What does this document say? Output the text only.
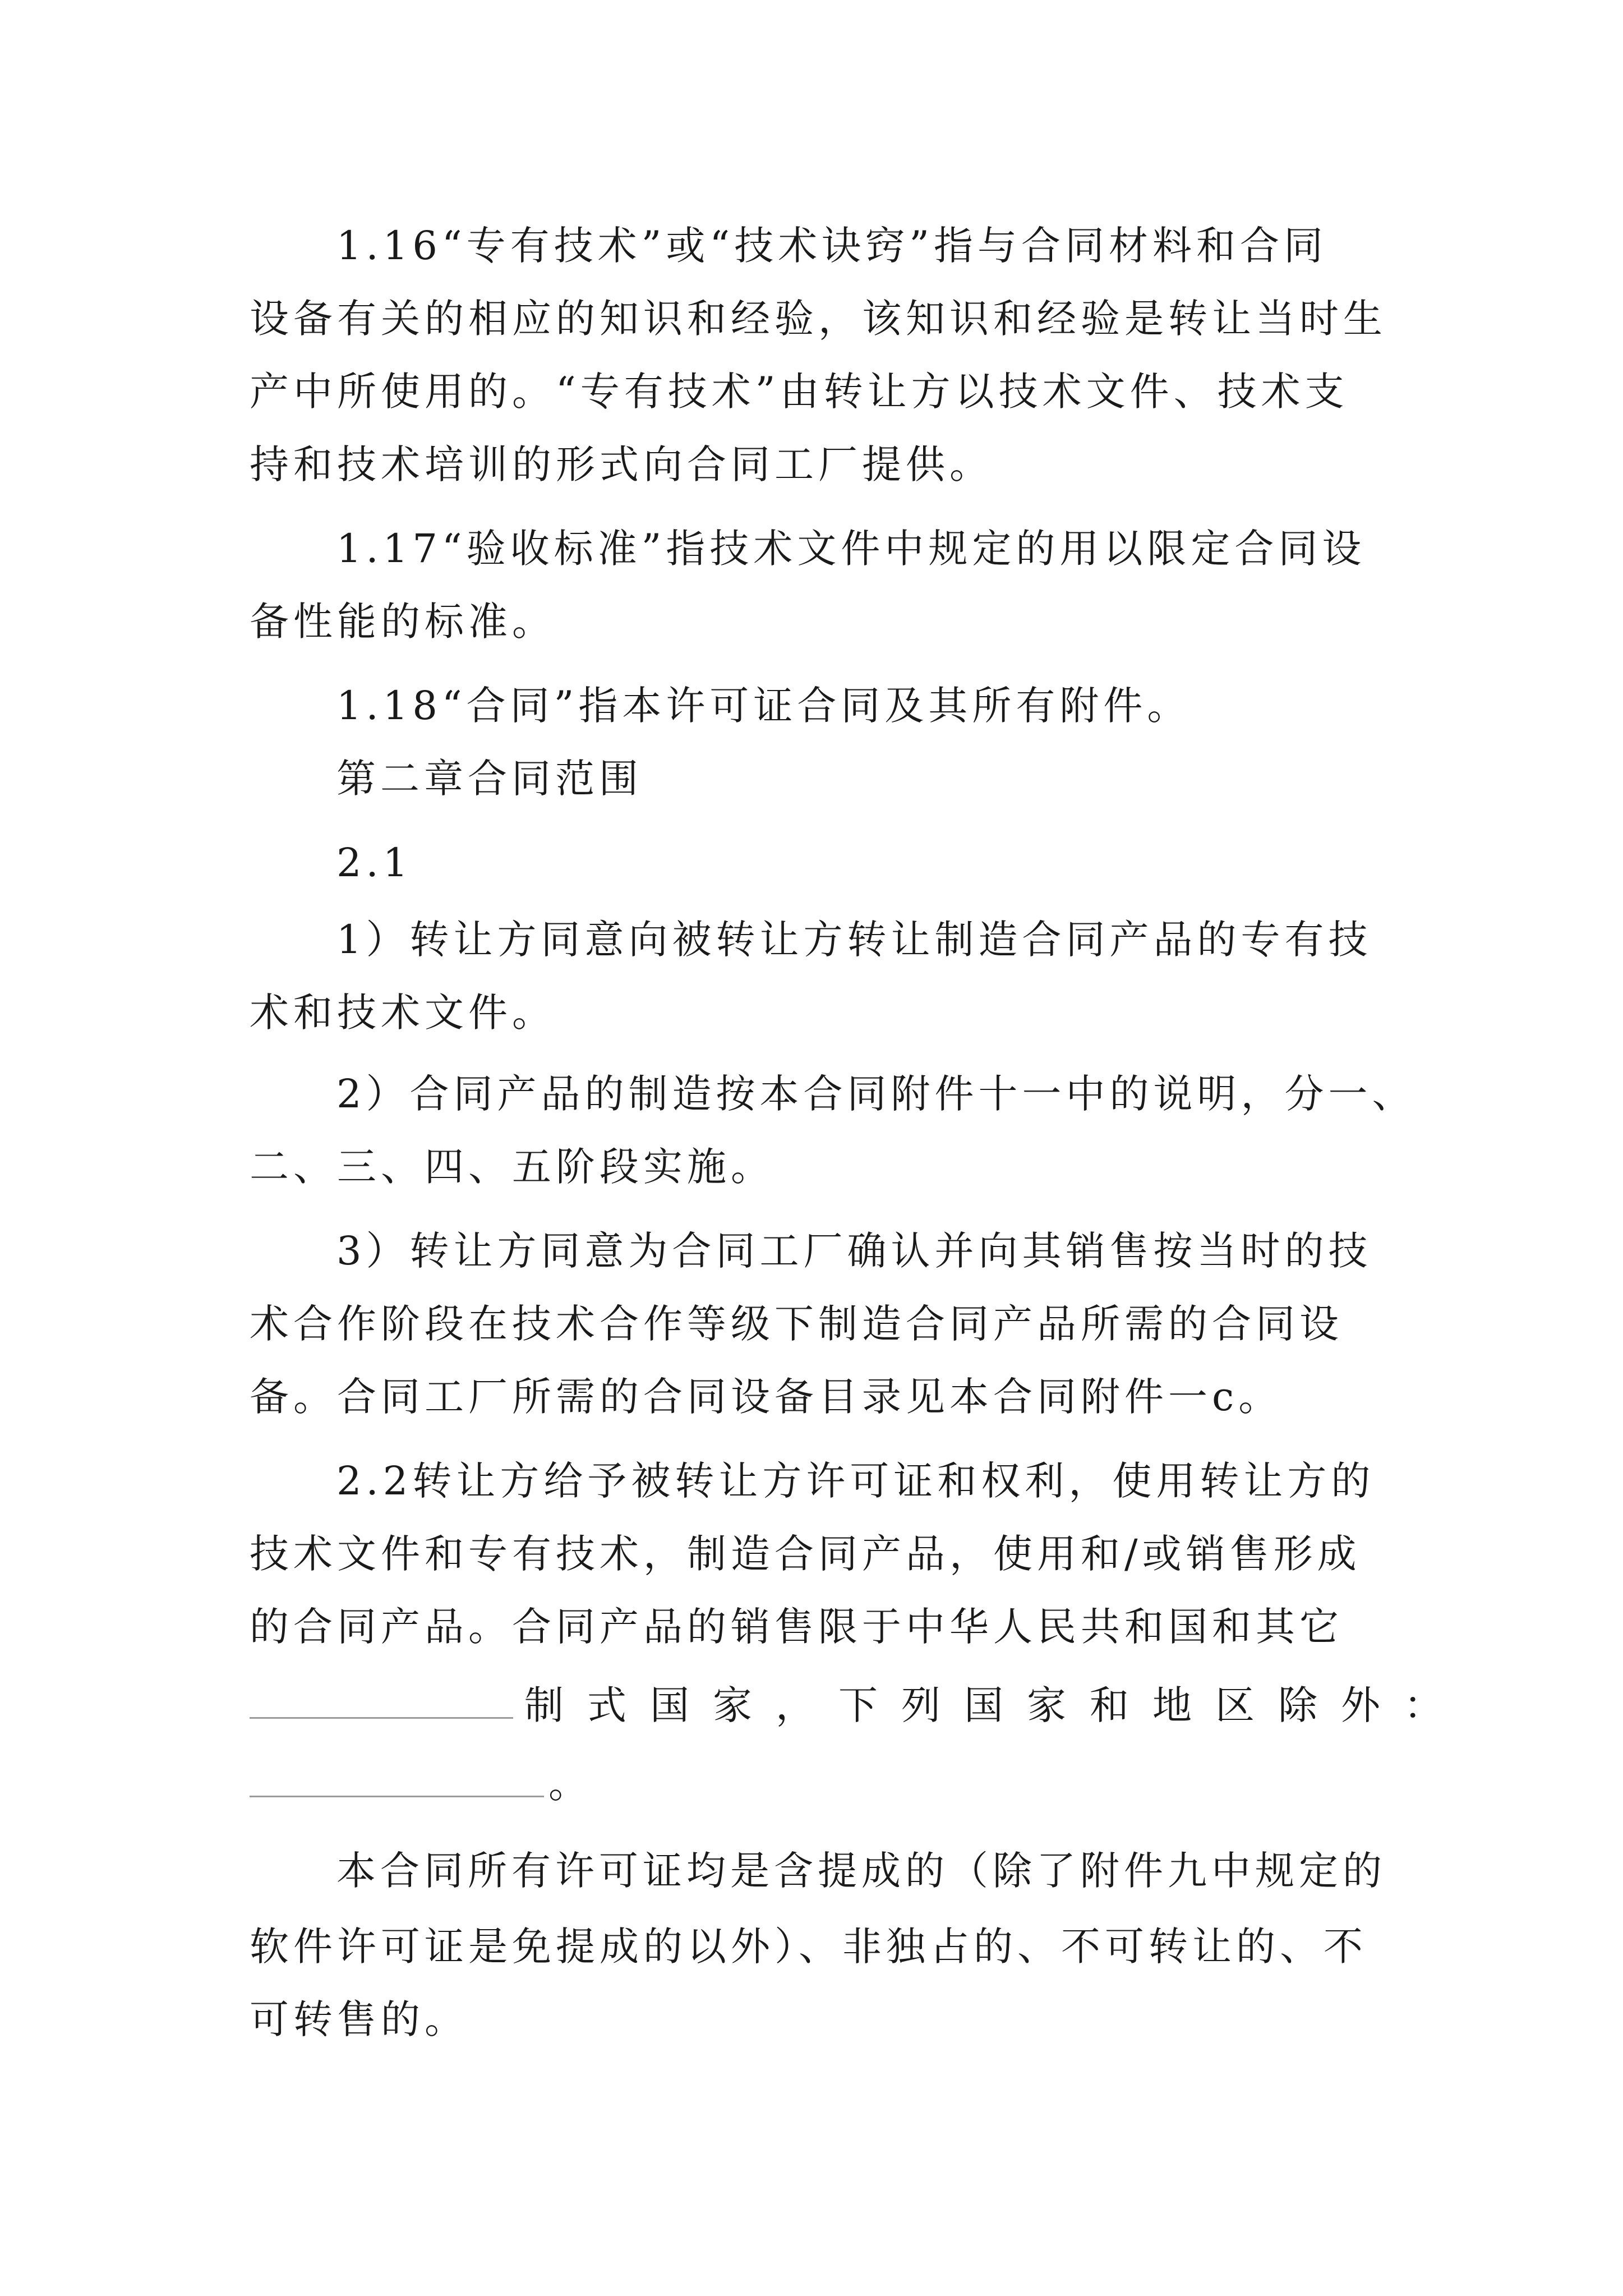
1.16“专有技术”或“技术诀窍”指与合同材料和合同
设备有关的相应的知识和经验，该知识和经验是转让当时生
产中所使用的。“专有技术”由转让方以技术文件、技术支
持和技术培训的形式向合同工厂提供。
1.17“验收标准”指技术文件中规定的用以限定合同设
备性能的标准。
1.18“合同”指本许可证合同及其所有附件。
第二章合同范围
2.1
1）转让方同意向被转让方转让制造合同产品的专有技
术和技术文件。
2）合同产品的制造按本合同附件十一中的说明，分一、
二、三、四、五阶段实施。
3）转让方同意为合同工厂确认并向其销售按当时的技
术合作阶段在技术合作等级下制造合同产品所需的合同设
备。合同工厂所需的合同设备目录见本合同附件一c。
2.2转让方给予被转让方许可证和权利，使用转让方的
技术文件和专有技术，制造合同产品，使用和/或销售形成
的合同产品。合同产品的销售限于中华人民共和国和其它
制式国家，下列国家和地区除外：
。
本合同所有许可证均是含提成的（除了附件九中规定的
软件许可证是免提成的以外）、非独占的、不可转让的、不
可转售的。
